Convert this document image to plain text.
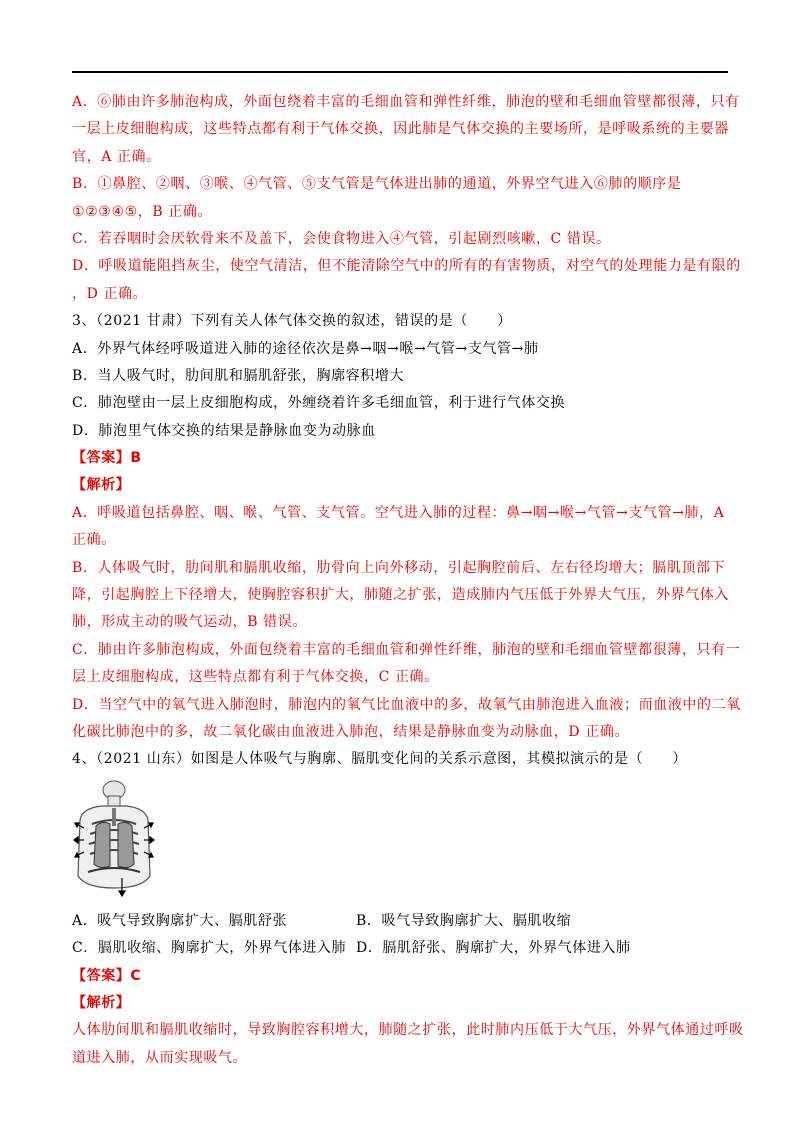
A．⑥肺由许多肺泡构成，外面包绕着丰富的毛细血管和弹性纤维，肺泡的壁和毛细血管壁都很薄，只有
一层上皮细胞构成，这些特点都有利于气体交换，因此肺是气体交换的主要场所，是呼吸系统的主要器
官，A 正确。
B．①鼻腔、②咽、③喉、④气管、⑤支气管是气体进出肺的通道，外界空气进入⑥肺的顺序是
①②③④⑤，B 正确。
C．若吞咽时会厌软骨来不及盖下，会使食物进入④气管，引起剧烈咳嗽，C 错误。
D．呼吸道能阻挡灰尘，使空气清洁，但不能清除空气中的所有的有害物质，对空气的处理能力是有限的
，D 正确。
3、（2021 甘肃）下列有关人体气体交换的叙述，错误的是（　　）
A．外界气体经呼吸道进入肺的途径依次是鼻→咽→喉→气管→支气管→肺
B．当人吸气时，肋间肌和膈肌舒张，胸廓容积增大
C．肺泡壁由一层上皮细胞构成，外缠绕着许多毛细血管，利于进行气体交换
D．肺泡里气体交换的结果是静脉血变为动脉血
【答案】B
【解析】
A．呼吸道包括鼻腔、咽、喉、气管、支气管。空气进入肺的过程：鼻→咽→喉→气管→支气管→肺，A
正确。
B．人体吸气时，肋间肌和膈肌收缩，肋骨向上向外移动，引起胸腔前后、左右径均增大；膈肌顶部下
降，引起胸腔上下径增大，使胸腔容积扩大，肺随之扩张，造成肺内气压低于外界大气压，外界气体入
肺，形成主动的吸气运动，B 错误。
C．肺由许多肺泡构成，外面包绕着丰富的毛细血管和弹性纤维，肺泡的壁和毛细血管壁都很薄，只有一
层上皮细胞构成，这些特点都有利于气体交换，C 正确。
D．当空气中的氧气进入肺泡时，肺泡内的氧气比血液中的多，故氧气由肺泡进入血液；而血液中的二氧
化碳比肺泡中的多，故二氧化碳由血液进入肺泡，结果是静脉血变为动脉血，D 正确。
4、（2021 山东）如图是人体吸气与胸廓、膈肌变化间的关系示意图，其模拟演示的是（　　）
A．吸气导致胸廓扩大、膈肌舒张	B．吸气导致胸廓扩大、膈肌收缩
C．膈肌收缩、胸廓扩大，外界气体进入肺 D．膈肌舒张、胸廓扩大，外界气体进入肺
【答案】C
【解析】
人体肋间肌和膈肌收缩时，导致胸腔容积增大，肺随之扩张，此时肺内压低于大气压，外界气体通过呼吸
道进入肺，从而实现吸气。
